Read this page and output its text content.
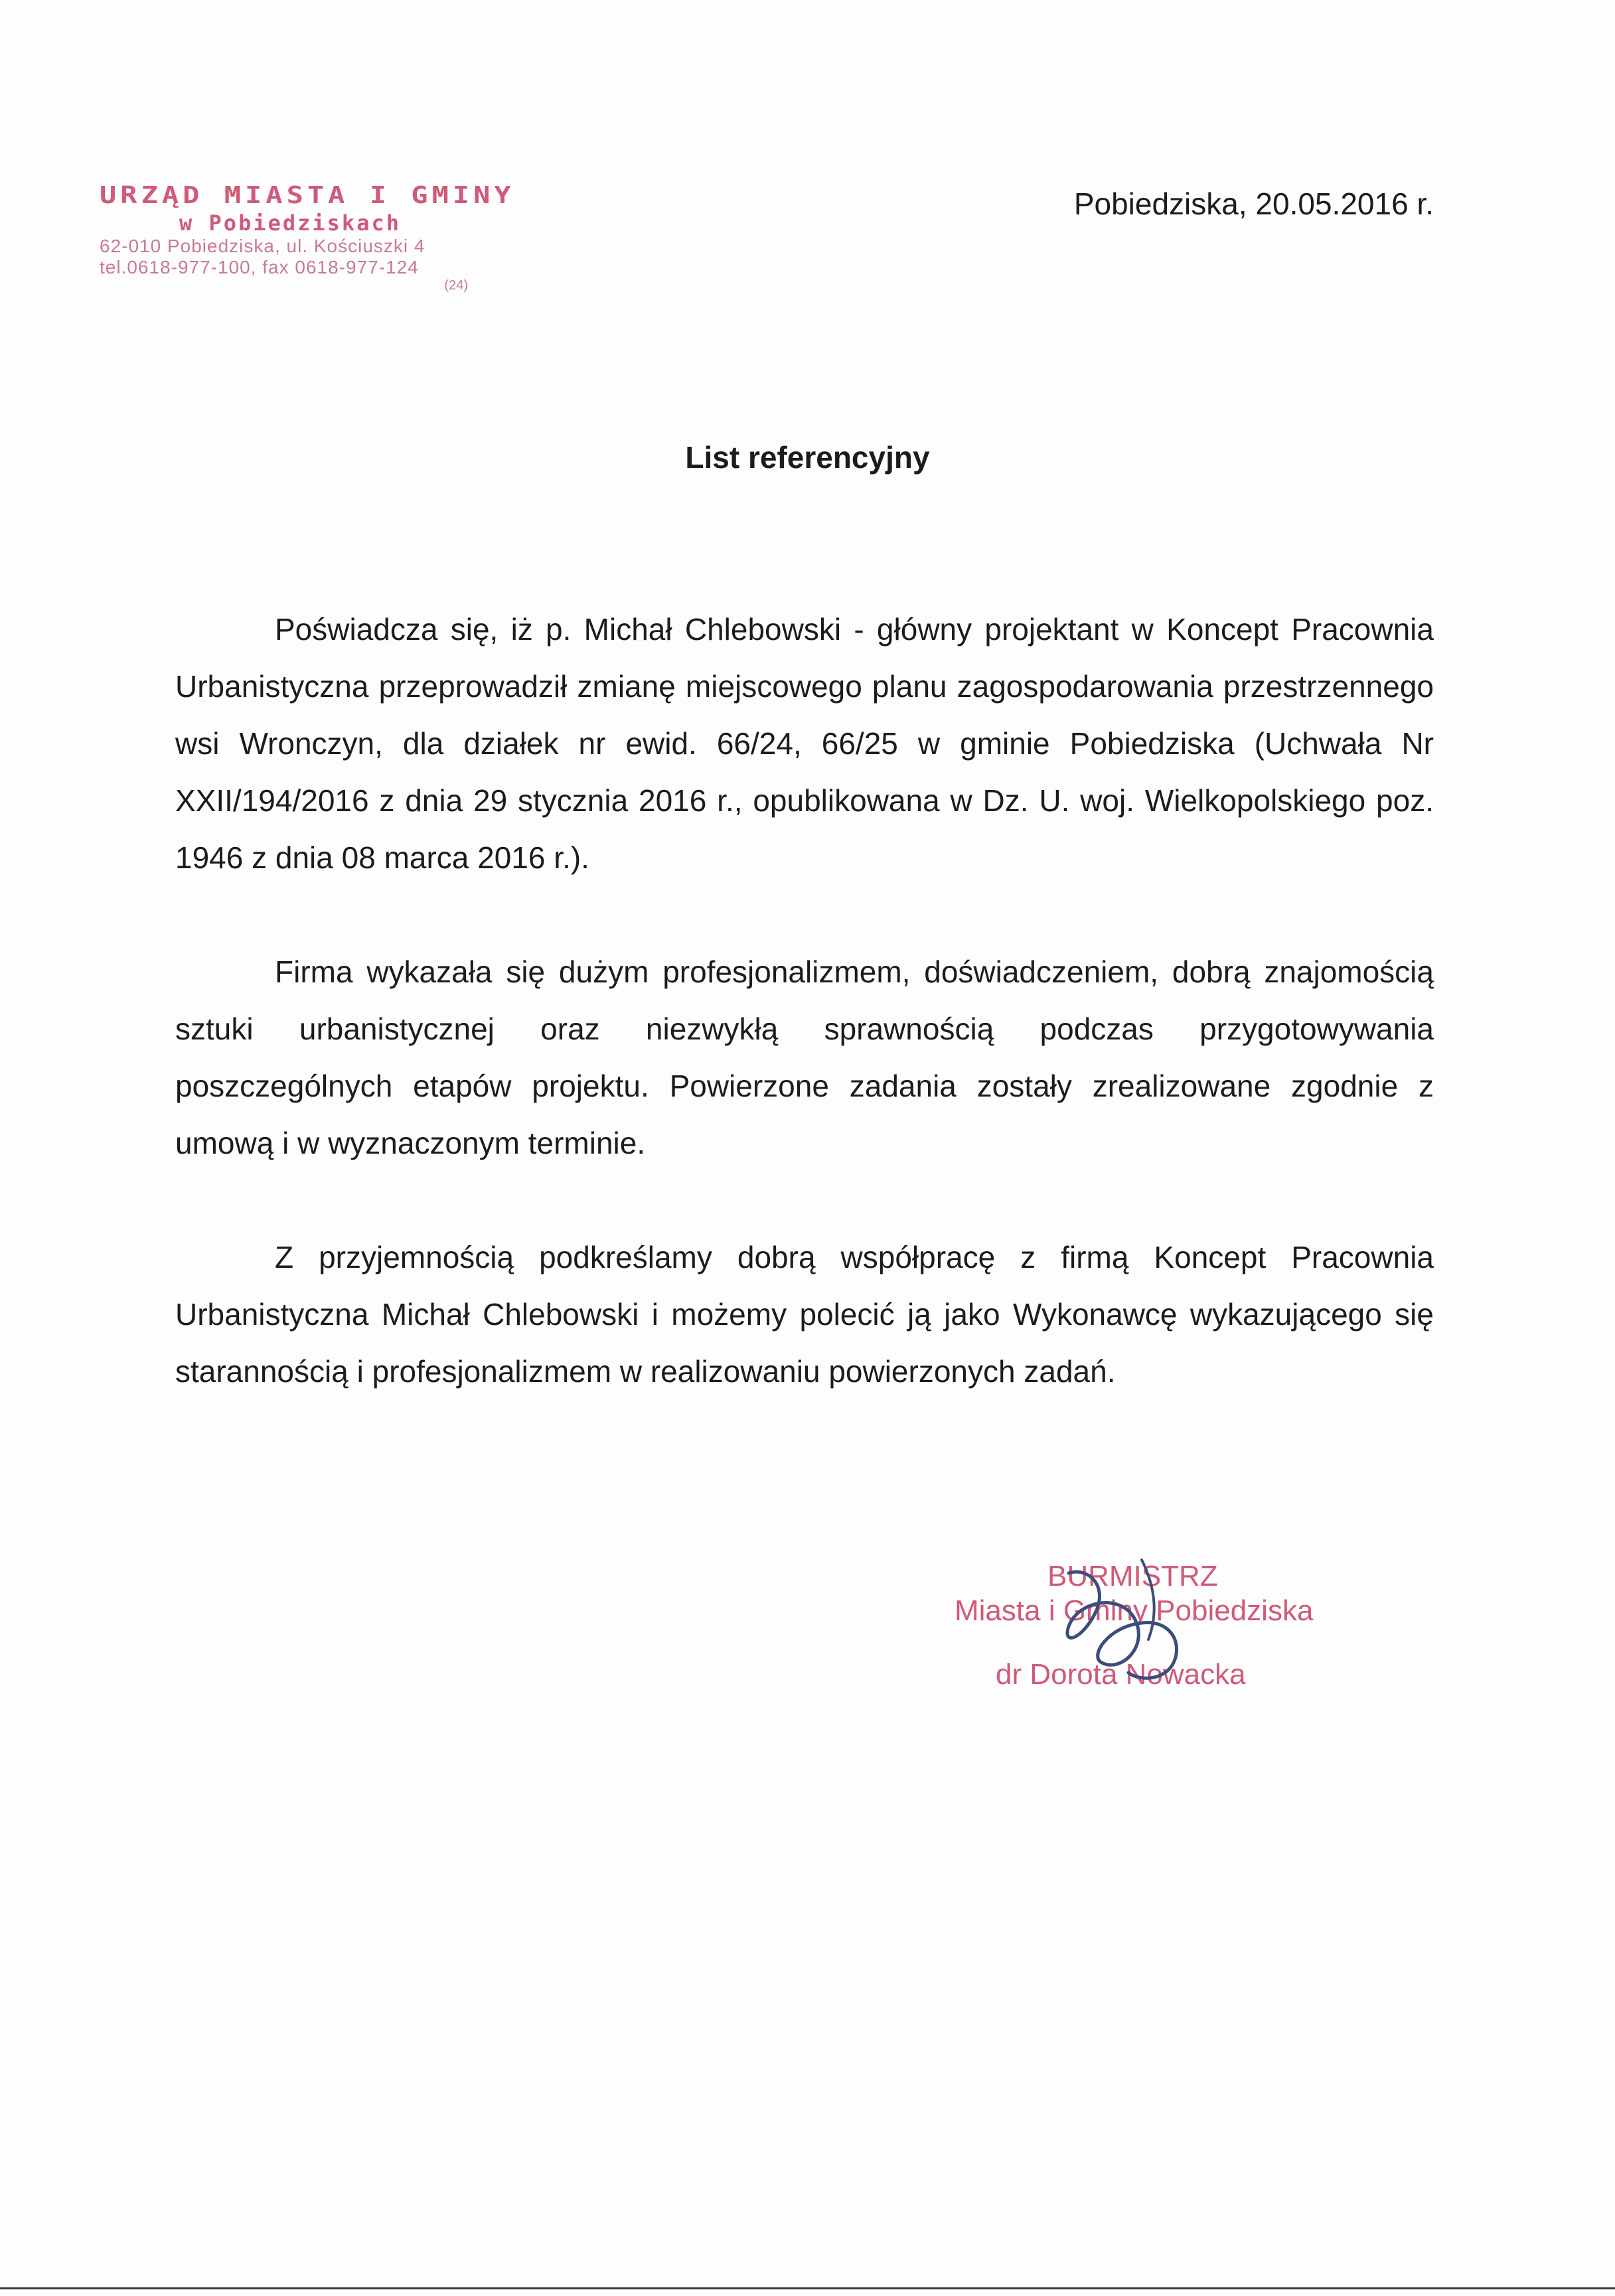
URZĄD MIASTA I GMINY
w Pobiedziskach
62-010 Pobiedziska, ul. Kościuszki 4
tel.0618-977-100, fax 0618-977-124
(24)
Pobiedziska, 20.05.2016 r.
List referencyjny

Poświadcza się, iż p. Michał Chlebowski - główny projektant w Koncept Pracownia Urbanistyczna przeprowadził zmianę miejscowego planu zagospodarowania przestrzennego wsi Wronczyn, dla działek nr ewid. 66/24, 66/25 w gminie Pobiedziska (Uchwała Nr XXII/194/2016 z dnia 29 stycznia 2016 r., opublikowana w Dz. U. woj. Wielkopolskiego poz. 1946 z dnia 08 marca 2016 r.).

Firma wykazała się dużym profesjonalizmem, doświadczeniem, dobrą znajomością sztuki urbanistycznej oraz niezwykłą sprawnością podczas przygotowywania poszczególnych etapów projektu. Powierzone zadania zostały zrealizowane zgodnie z umową i w wyznaczonym terminie.

Z przyjemnością podkreślamy dobrą współpracę z firmą Koncept Pracownia Urbanistyczna Michał Chlebowski i możemy polecić ją jako Wykonawcę wykazującego się starannością i profesjonalizmem w realizowaniu powierzonych zadań.

BURMISTRZ
Miasta i Gminy Pobiedziska
dr Dorota Nowacka
